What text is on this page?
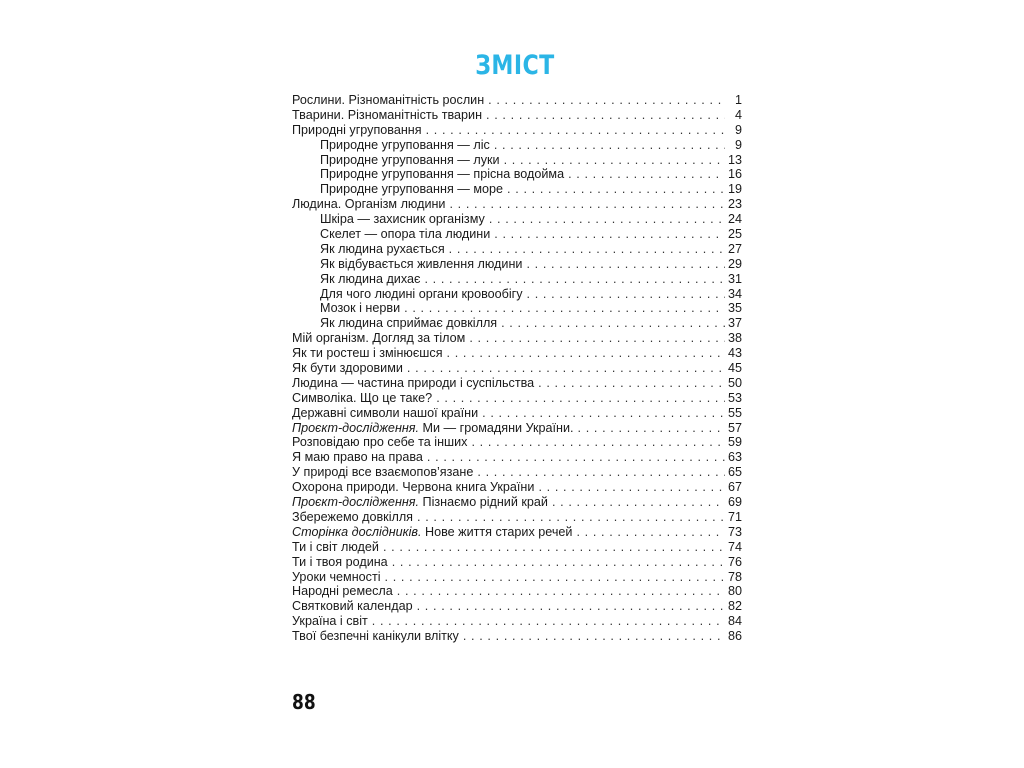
ЗМІСТ
Рослини. Різноманітність рослин . . .	1
Тварини. Різноманітність тварин . . .	4
Природні угруповання . . .	9
Природне угруповання — ліс . . .	9
Природне угруповання — луки . . .	13
Природне угруповання — прісна водойма . . .	16
Природне угруповання — море . . .	19
Людина. Організм людини . . .	23
Шкіра — захисник організму . . .	24
Скелет — опора тіла людини . . .	25
Як людина рухається . . .	27
Як відбувається живлення людини . . .	29
Як людина дихає . . .	31
Для чого людині органи кровообігу . . .	34
Мозок і нерви . . .	35
Як людина сприймає довкілля . . .	37
Мій організм. Догляд за тілом . . .	38
Як ти ростеш і змінюєшся . . .	43
Як бути здоровими . . .	45
Людина — частина природи і суспільства . . .	50
Символіка. Що це таке? . . .	53
Державні символи нашої країни . . .	55
Проєкт-дослідження. Ми — громадяни України. . . .	57
Розповідаю про себе та інших . . .	59
Я маю право на права . . .	63
У природі все взаємопов’язане . . .	65
Охорона природи. Червона книга України . . .	67
Проєкт-дослідження. Пізнаємо рідний край . . .	69
Збережемо довкілля . . .	71
Сторінка дослідників. Нове життя старих речей . . .	73
Ти і світ людей . . .	74
Ти і твоя родина . . .	76
Уроки чемності . . .	78
Народні ремесла . . .	80
Святковий календар . . .	82
Україна і світ . . .	84
Твої безпечні канікули влітку . . .	86
88
